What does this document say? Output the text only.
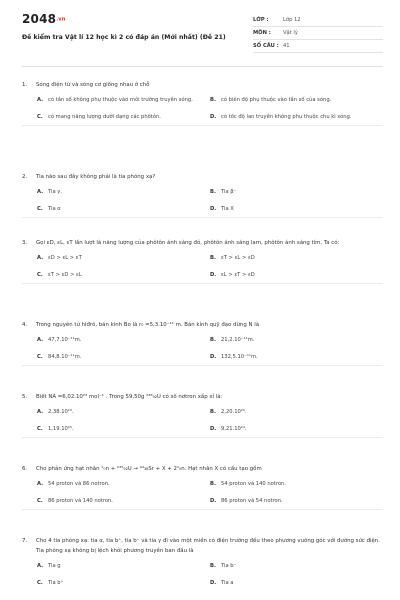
2048.vn
Đề kiểm tra Vật lí 12 học kì 2 có đáp án (Mới nhất) (Đề 21)
LỚP :	Lớp 12
MÔN :	Vật lý
SỐ CÂU : 41
1.	Sóng điện từ và sóng cơ giống nhau ở chỗ
A. có tần số không phụ thuộc vào môi trường truyền sóng.	B. có biên độ phụ thuộc vào tần số của sóng.
C.	có mang năng lượng dưới dạng các phôtôn.	D. có tốc độ lan truyền không phụ thuộc chu kì sóng.
2.	Tia nào sau đây không phải là tia phóng xạ?
A. Tia γ.	B. Tia β⁻
C.	Tia α	D. Tia X
3.	Gọi εD, εL, εT lần lượt là năng lượng của phôtôn ánh sáng đỏ, phôtôn ánh sáng lam, phôtôn ánh sáng tím. Ta có:
A. εD > εL > εT	B. εT > εL > εD
C.	εT > εD > εL	D. εL > εT > εD
4.	Trong nguyên tử hiđrô, bán kính Bo là r₀ =5,3.10⁻¹¹ m. Bán kính quỹ đạo dừng N là
A. 47,7.10⁻¹¹m.	B. 21,2.10⁻¹¹m.
C.	84,8.10⁻¹¹m.	D. 132,5.10⁻¹¹m.
5.	Biết NA =6,02.10²³ mol⁻¹ . Trong 59,50g ²³⁸₉₂U có số nơtron xấp xỉ là:
A. 2,38.10²³.	B. 2,20.10²⁵.
C.	1,19.10²⁵.	D. 9,21.10²⁴.
6.	Cho phản ứng hạt nhân ¹₀n + ²³⁵₉₂U → ⁹⁴₃₈Sr + X + 2¹₀n. Hạt nhân X có cấu tạo gồm
A. 54 proton và 86 notron.	B. 54 proton và 140 notron.
C.	86 proton và 140 notron.	D. 86 proton và 54 notron.
7.	Cho 4 tia phóng xạ: tia α, tia b⁺, tia b⁻ và tia γ đi vào một miền có điện trường đều theo phương vuông góc với đường sức điện. Tia phóng xạ không bị lệch khỏi phương truyền ban đầu là
A. Tia g	B. Tia b⁻
C.	Tia b⁺	D. Tia a
